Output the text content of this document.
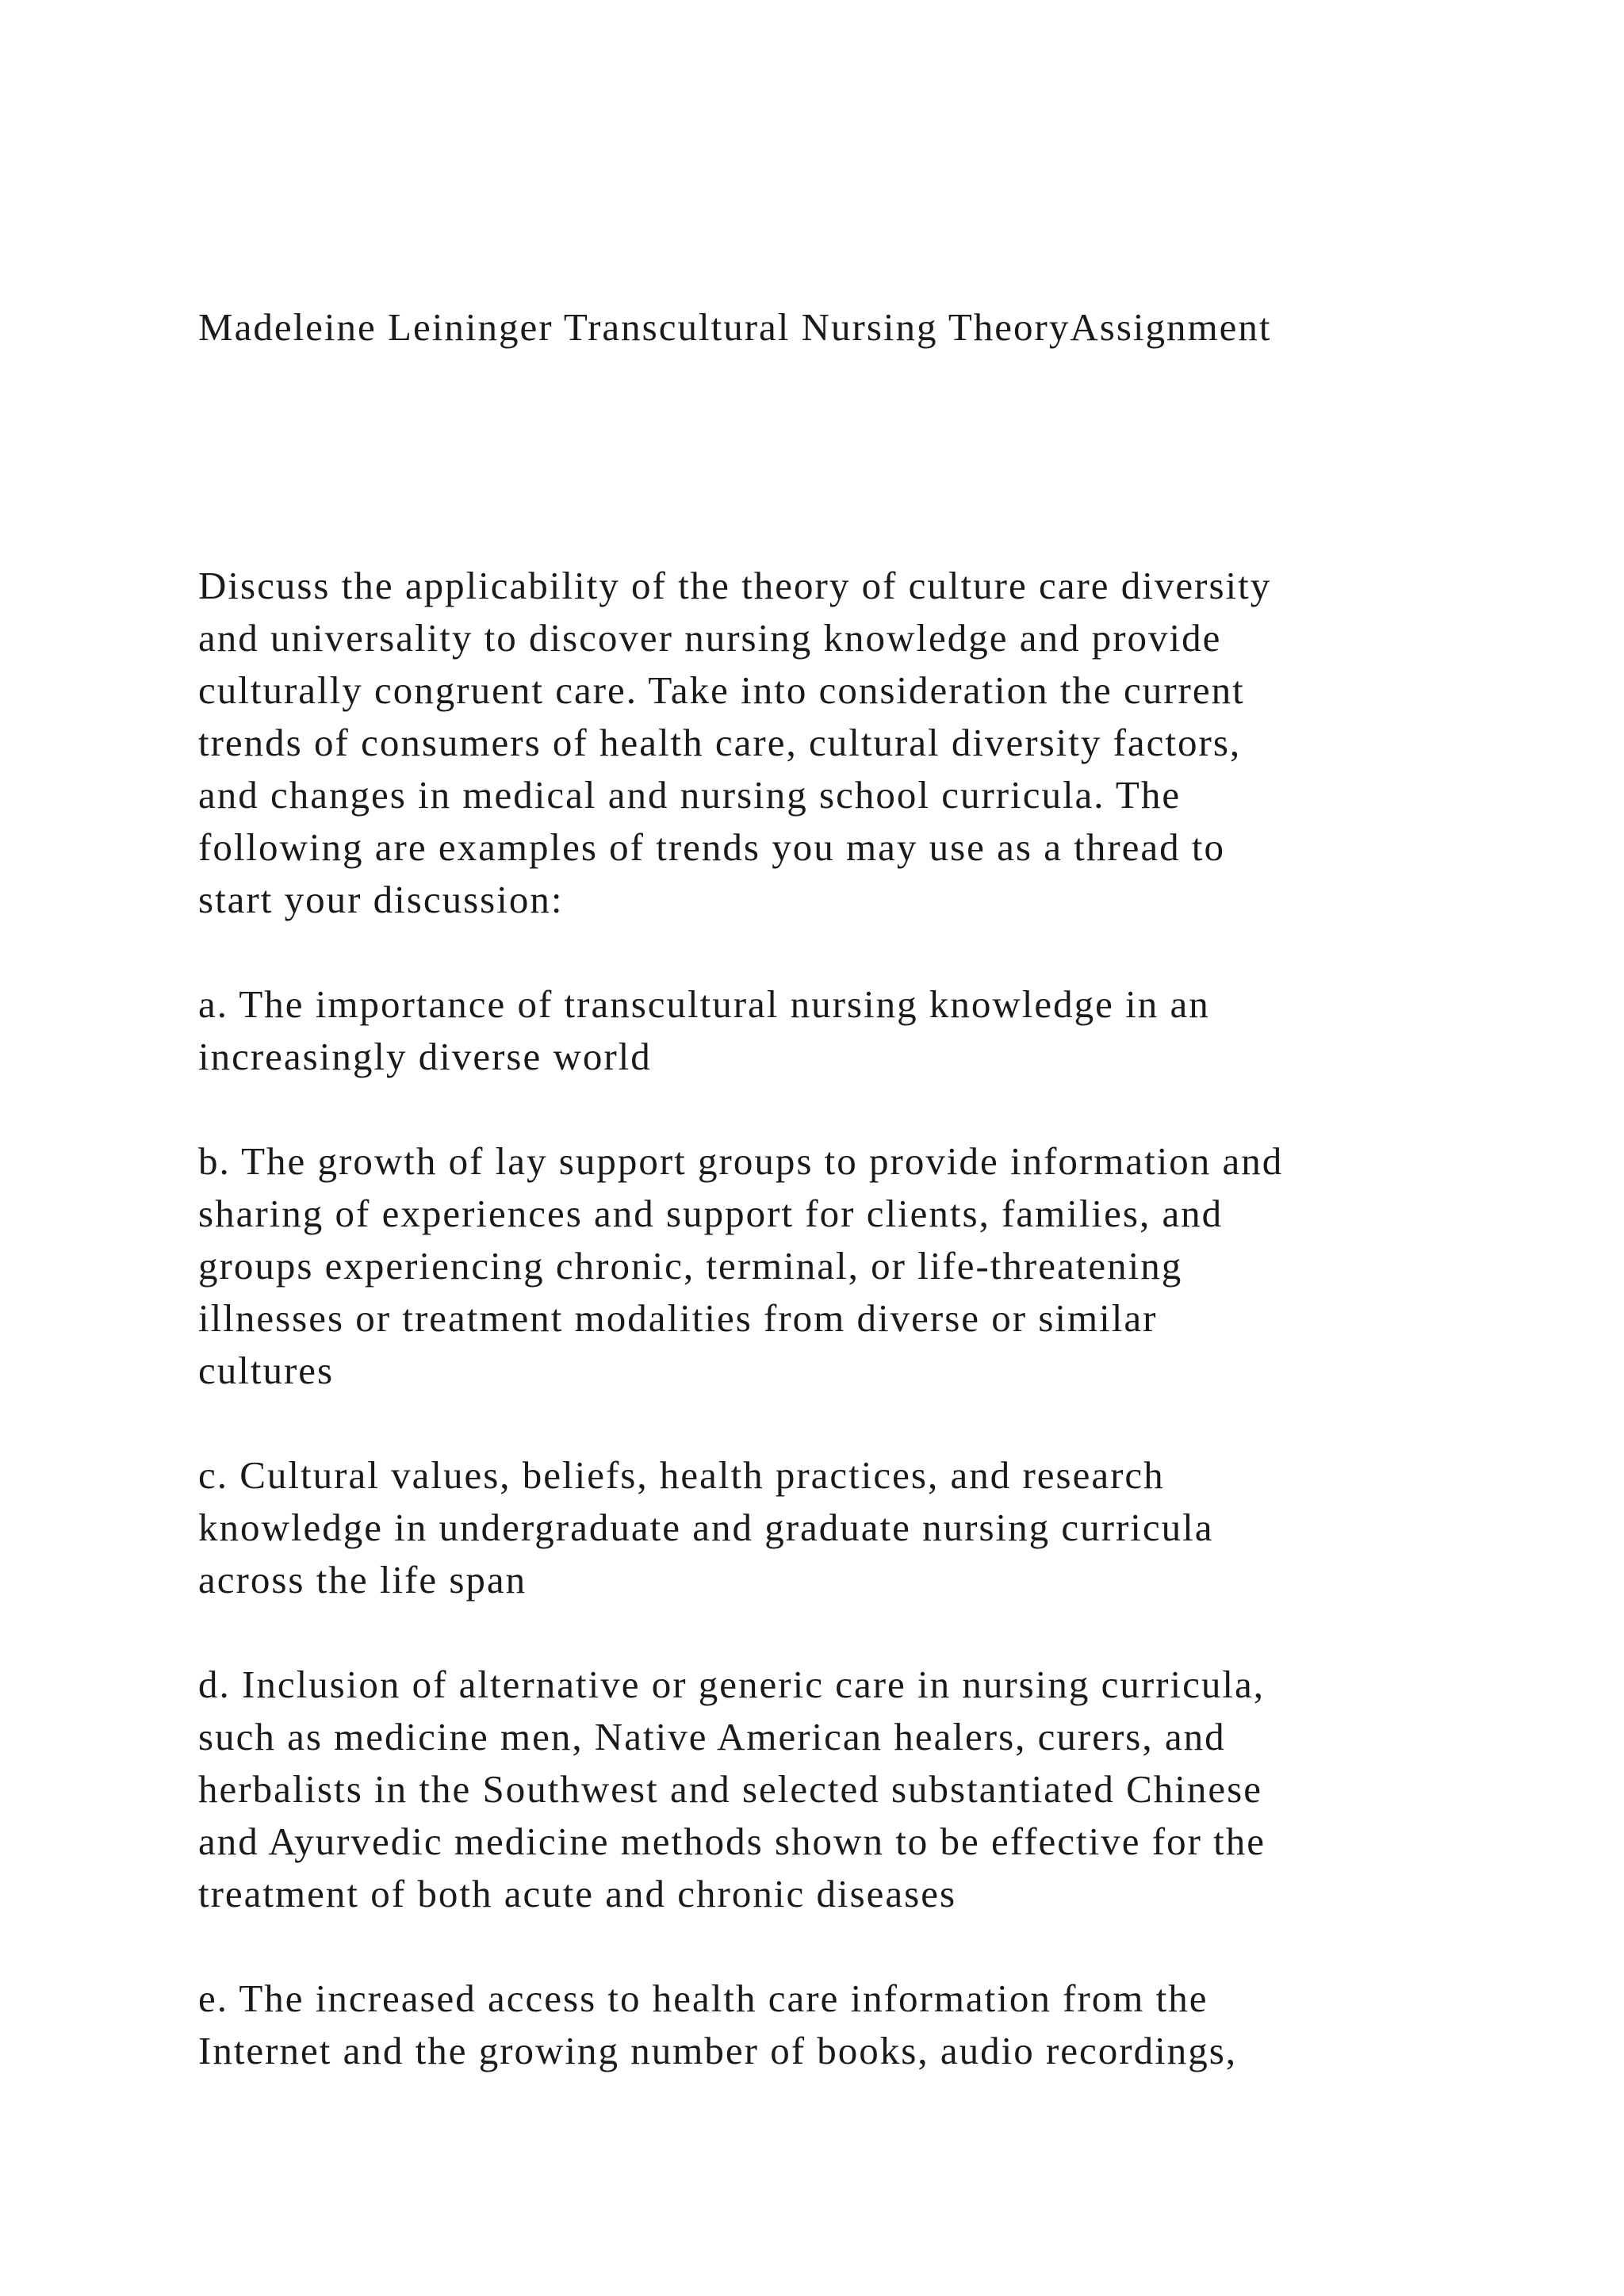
Madeleine Leininger Transcultural Nursing TheoryAssignment

Discuss the applicability of the theory of culture care diversity
and universality to discover nursing knowledge and provide
culturally congruent care. Take into consideration the current
trends of consumers of health care, cultural diversity factors,
and changes in medical and nursing school curricula. The
following are examples of trends you may use as a thread to
start your discussion:

a. The importance of transcultural nursing knowledge in an
increasingly diverse world

b. The growth of lay support groups to provide information and
sharing of experiences and support for clients, families, and
groups experiencing chronic, terminal, or life-threatening
illnesses or treatment modalities from diverse or similar
cultures

c. Cultural values, beliefs, health practices, and research
knowledge in undergraduate and graduate nursing curricula
across the life span

d. Inclusion of alternative or generic care in nursing curricula,
such as medicine men, Native American healers, curers, and
herbalists in the Southwest and selected substantiated Chinese
and Ayurvedic medicine methods shown to be effective for the
treatment of both acute and chronic diseases

e. The increased access to health care information from the
Internet and the growing number of books, audio recordings,
